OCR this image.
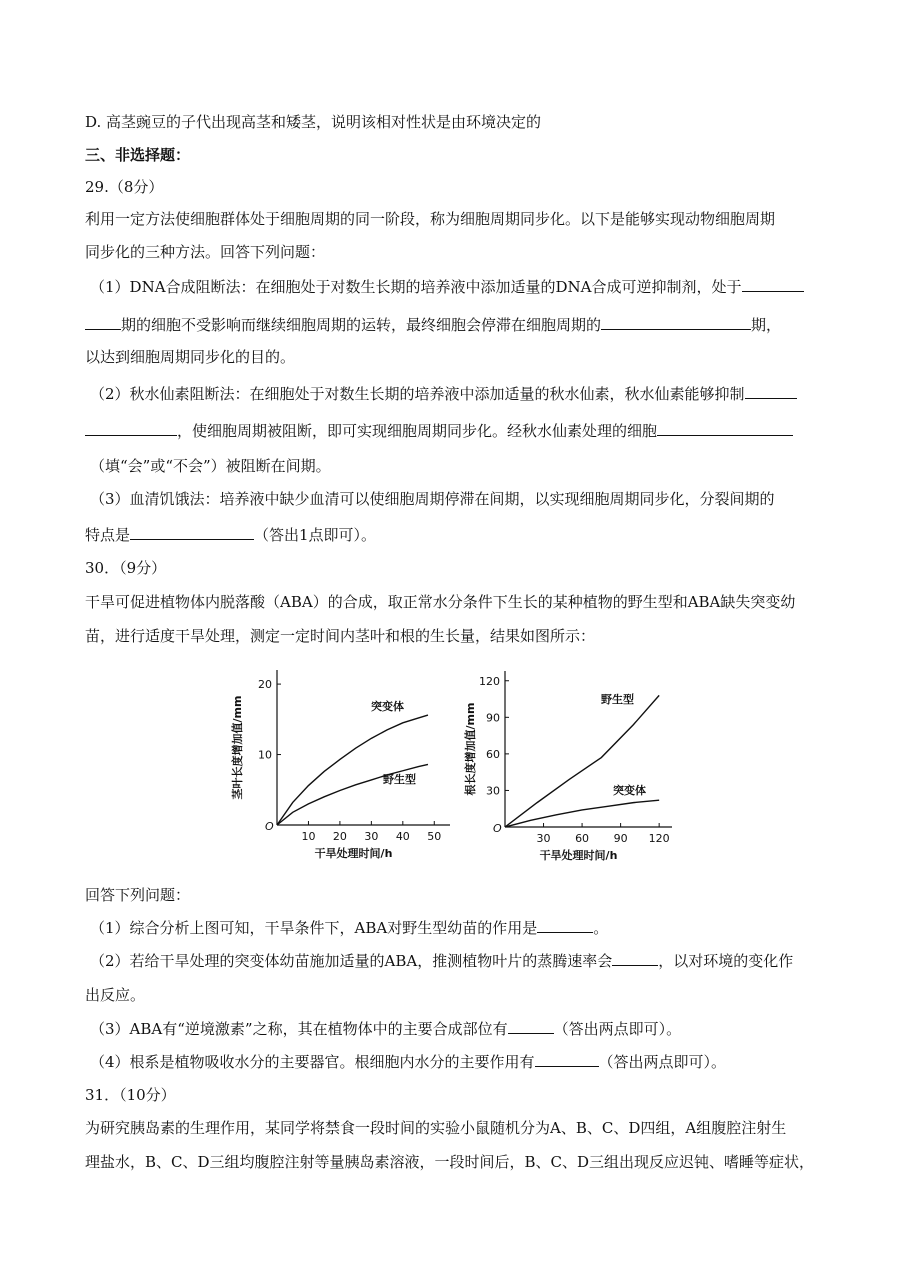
D. 高茎豌豆的子代出现高茎和矮茎，说明该相对性状是由环境决定的
三、非选择题：
29.（8分）
利用一定方法使细胞群体处于细胞周期的同一阶段，称为细胞周期同步化。以下是能够实现动物细胞周期
同步化的三种方法。回答下列问题：
（1）DNA合成阻断法：在细胞处于对数生长期的培养液中添加适量的DNA合成可逆抑制剂，处于
期的细胞不受影响而继续细胞周期的运转，最终细胞会停滞在细胞周期的	期，
以达到细胞周期同步化的目的。
（2）秋水仙素阻断法：在细胞处于对数生长期的培养液中添加适量的秋水仙素，秋水仙素能够抑制
，使细胞周期被阻断，即可实现细胞周期同步化。经秋水仙素处理的细胞
（填“会”或“不会”）被阻断在间期。
（3）血清饥饿法：培养液中缺少血清可以使细胞周期停滞在间期，以实现细胞周期同步化，分裂间期的
特点是	（答出1点即可）。
30．（9分）
干旱可促进植物体内脱落酸（ABA）的合成，取正常水分条件下生长的某种植物的野生型和ABA缺失突变幼
苗，进行适度干旱处理，测定一定时间内茎叶和根的生长量，结果如图所示：
O
10 20 30 40 50
10
20
干旱处理时间/h
茎叶长度增加值/mm	突变体
野生型
O
30 60 90 120
30
60
90
120
干旱处理时间/h
根长度增加值/mm
野生型
突变体
回答下列问题：
（1）综合分析上图可知，干旱条件下，ABA对野生型幼苗的作用是	。
（2）若给干旱处理的突变体幼苗施加适量的ABA，推测植物叶片的蒸腾速率会	，以对环境的变化作
出反应。
（3）ABA有“逆境激素”之称，其在植物体中的主要合成部位有	（答出两点即可）。
（4）根系是植物吸收水分的主要器官。根细胞内水分的主要作用有	（答出两点即可）。
31．（10分）
为研究胰岛素的生理作用，某同学将禁食一段时间的实验小鼠随机分为A、B、C、D四组，A组腹腔注射生
理盐水，B、C、D三组均腹腔注射等量胰岛素溶液，一段时间后，B、C、D三组出现反应迟钝、嗜睡等症状，
